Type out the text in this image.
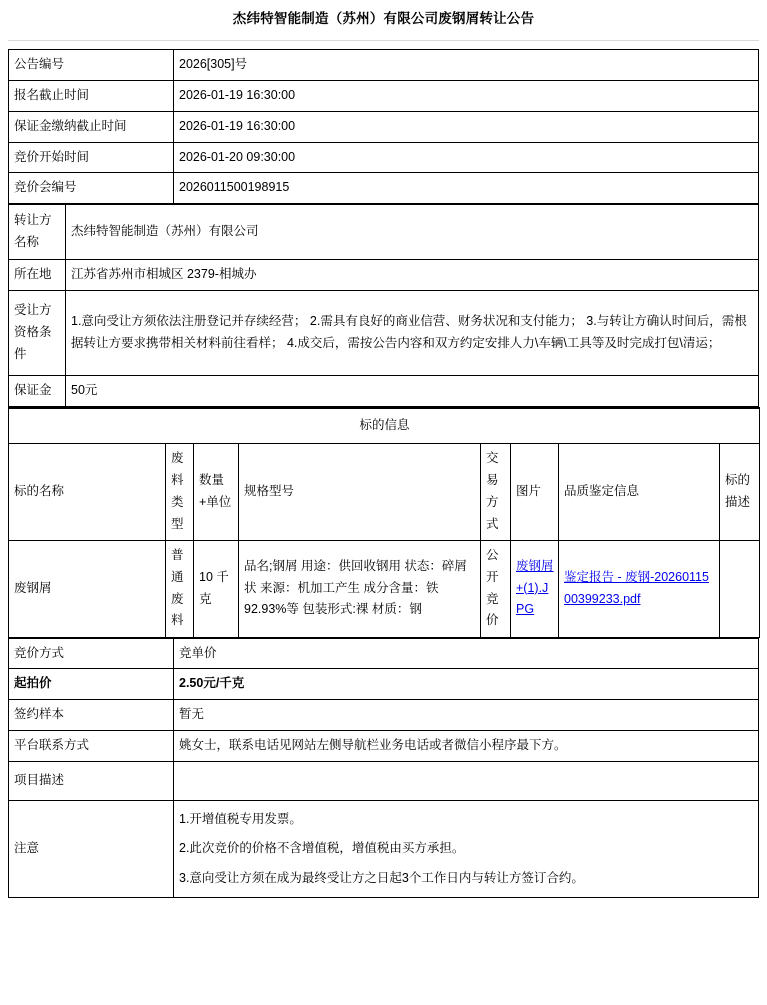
杰纬特智能制造（苏州）有限公司废钢屑转让公告
公告编号	2026[305]号
报名截止时间	2026-01-19 16:30:00
保证金缴纳截止时间	2026-01-19 16:30:00
竞价开始时间	2026-01-20 09:30:00
竞价会编号	2026011500198915
转让方名称	杰纬特智能制造（苏州）有限公司
所在地	江苏省苏州市相城区 2379-相城办
受让方资格条件	1.意向受让方须依法注册登记并存续经营； 2.需具有良好的商业信营、财务状况和支付能力； 3.与转让方确认时间后，需根据转让方要求携带相关材料前往看样； 4.成交后，需按公告内容和双方约定安排人力\车辆\工具等及时完成打包\清运；
保证金	50元
标的信息							
标的名称	废料类型	数量+单位	规格型号	交易方式	图片	品质鉴定信息	标的描述
废钢屑	普通废料	10 千克	品名;钢屑 用途：供回收钢用 状态：碎屑状 来源：机加工产生 成分含量：铁92.93%等 包装形式:裸 材质：钢	公开竞价	废钢屑+(1).JPG	鉴定报告 - 废钢-2026011500399233.pdf	
竞价方式	竞单价
起拍价	2.50元/千克
签约样本	暂无
平台联系方式	姚女士，联系电话见网站左侧导航栏业务电话或者微信小程序最下方。
项目描述	
注意	1.开增值税专用发票。
2.此次竞价的价格不含增值税，增值税由买方承担。
3.意向受让方须在成为最终受让方之日起3个工作日内与转让方签订合约。
